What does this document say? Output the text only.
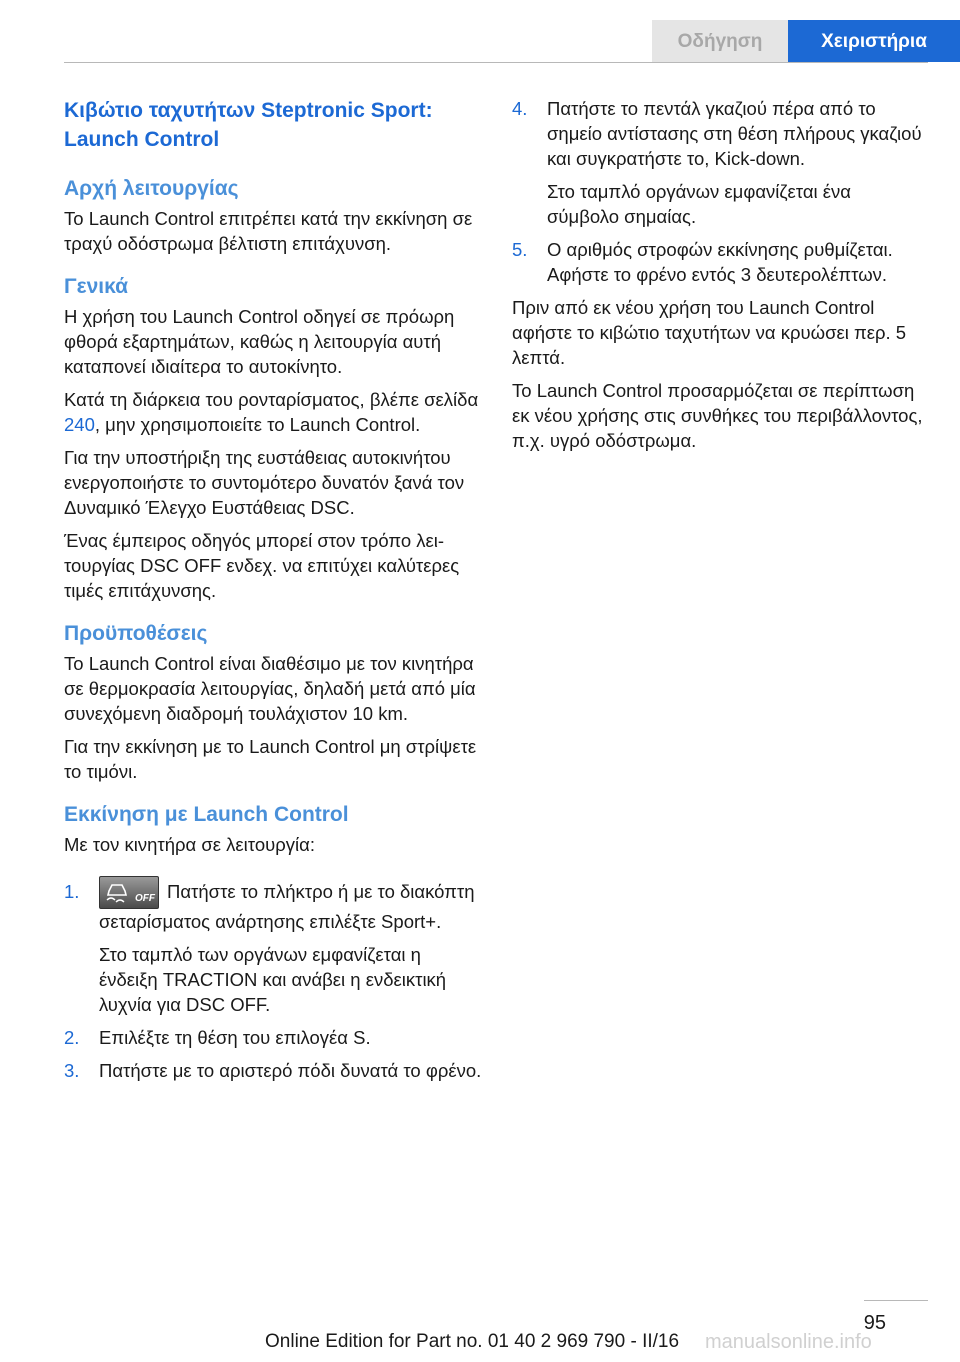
Οδήγηση	Χειριστήρια
Κιβώτιο ταχυτήτων Steptronic Sport: Launch Control
Αρχή λειτουργίας
Το Launch Control επιτρέπει κατά την εκκίνηση σε τραχύ οδόστρωμα βέλτιστη επιτάχυνση.
Γενικά
Η χρήση του Launch Control οδηγεί σε πρόωρη φθορά εξαρτημάτων, καθώς η λειτουργία αυτή καταπονεί ιδιαίτερα το αυτοκίνητο.
Κατά τη διάρκεια του ρονταρίσματος, βλέπε σελίδα 240, μην χρησιμοποιείτε το Launch Control.
Για την υποστήριξη της ευστάθειας αυτοκινήτου ενεργοποιήστε το συντομότερο δυνατόν ξανά τον Δυναμικό Έλεγχο Ευστάθειας DSC.
Ένας έμπειρος οδηγός μπορεί στον τρόπο λειτουργίας DSC OFF ενδεχ. να επιτύχει καλύτερες τιμές επιτάχυνσης.
Προϋποθέσεις
Το Launch Control είναι διαθέσιμο με τον κινητήρα σε θερμοκρασία λειτουργίας, δηλαδή μετά από μία συνεχόμενη διαδρομή τουλάχιστον 10 km.
Για την εκκίνηση με το Launch Control μη στρίψετε το τιμόνι.
Εκκίνηση με Launch Control
Με τον κινητήρα σε λειτουργία:
1.	OFF Πατήστε το πλήκτρο ή με το διακόπτη σεταρίσματος ανάρτησης επιλέξτε Sport+.
Στο ταμπλό των οργάνων εμφανίζεται η ένδειξη TRACTION και ανάβει η ενδεικτική λυχνία για DSC OFF.
2.	Επιλέξτε τη θέση του επιλογέα S.
3.	Πατήστε με το αριστερό πόδι δυνατά το φρένο.
4.	Πατήστε το πεντάλ γκαζιού πέρα από το σημείο αντίστασης στη θέση πλήρους γκαζιού και συγκρατήστε το, Kick-down.
Στο ταμπλό οργάνων εμφανίζεται ένα σύμβολο σημαίας.
5.	Ο αριθμός στροφών εκκίνησης ρυθμίζεται. Αφήστε το φρένο εντός 3 δευτερολέπτων.
Πριν από εκ νέου χρήση του Launch Control αφήστε το κιβώτιο ταχυτήτων να κρυώσει περ. 5 λεπτά.
Το Launch Control προσαρμόζεται σε περίπτωση εκ νέου χρήσης στις συνθήκες του περιβάλλοντος, π.χ. υγρό οδόστρωμα.
95
Online Edition for Part no. 01 40 2 969 790 - II/16 manualsonline.info
